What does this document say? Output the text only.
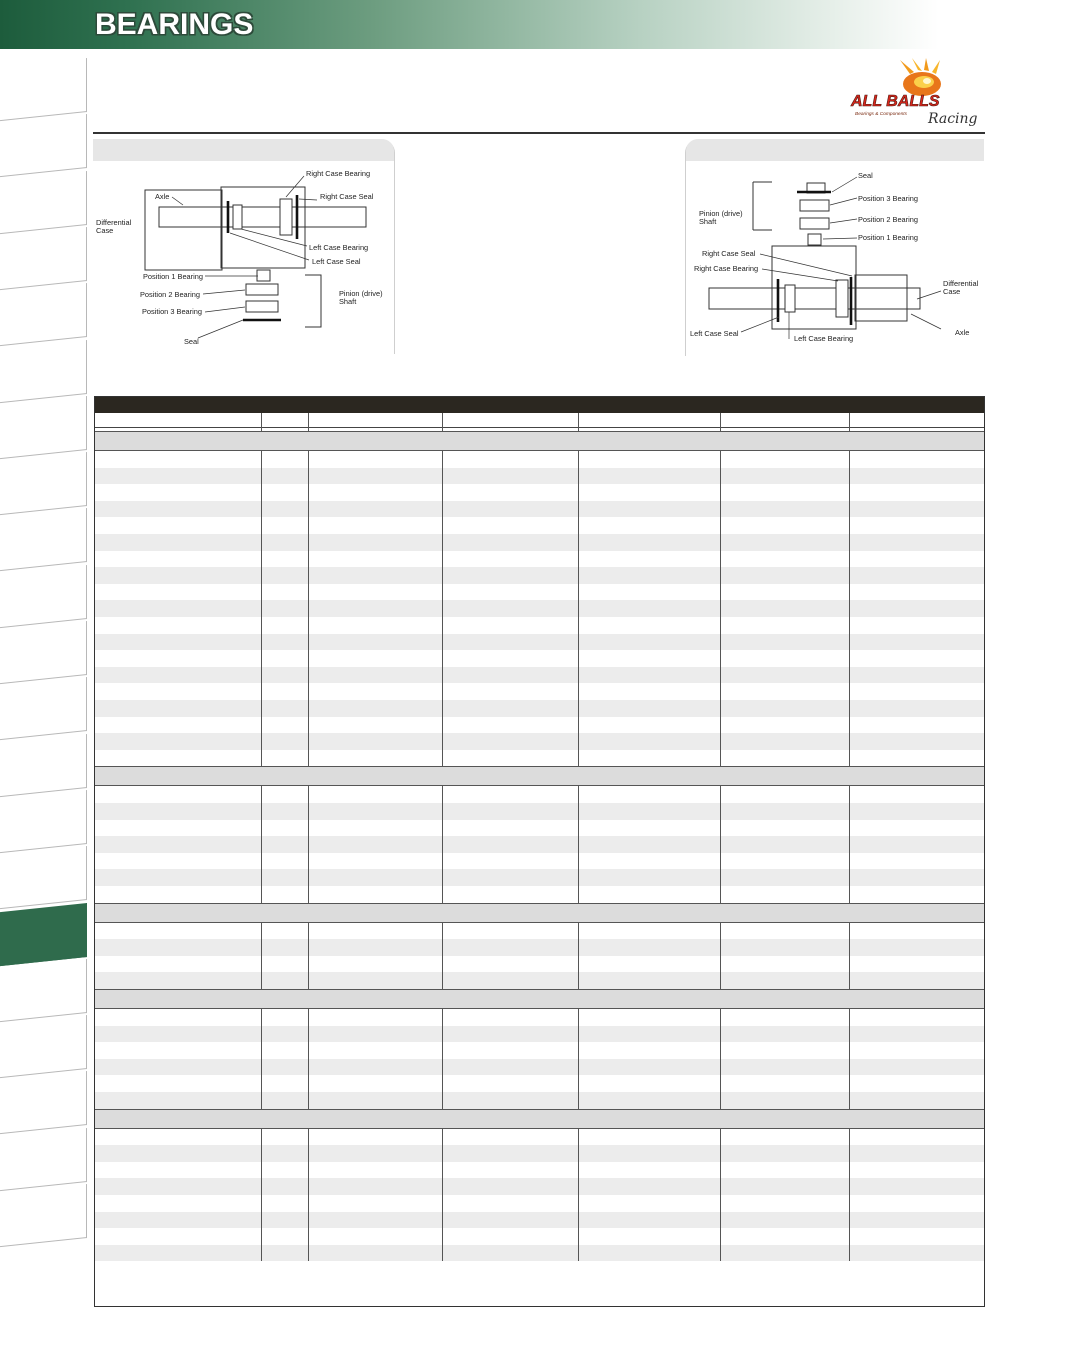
BEARINGS
ALL BALLS
Bearings & Components Racing
Axle
Differential
Case
Right Case Bearing
Right Case Seal
Left Case Bearing
Left Case Seal
Position 1 Bearing
Position 2 Bearing
Position 3 Bearing
Pinion (drive)
Shaft
Seal
Seal
Position 3 Bearing
Position 2 Bearing
Position 1 Bearing
Pinion (drive)
Shaft
Right Case Seal
Right Case Bearing
Differential
Case
Left Case Seal
Left Case Bearing
Axle
